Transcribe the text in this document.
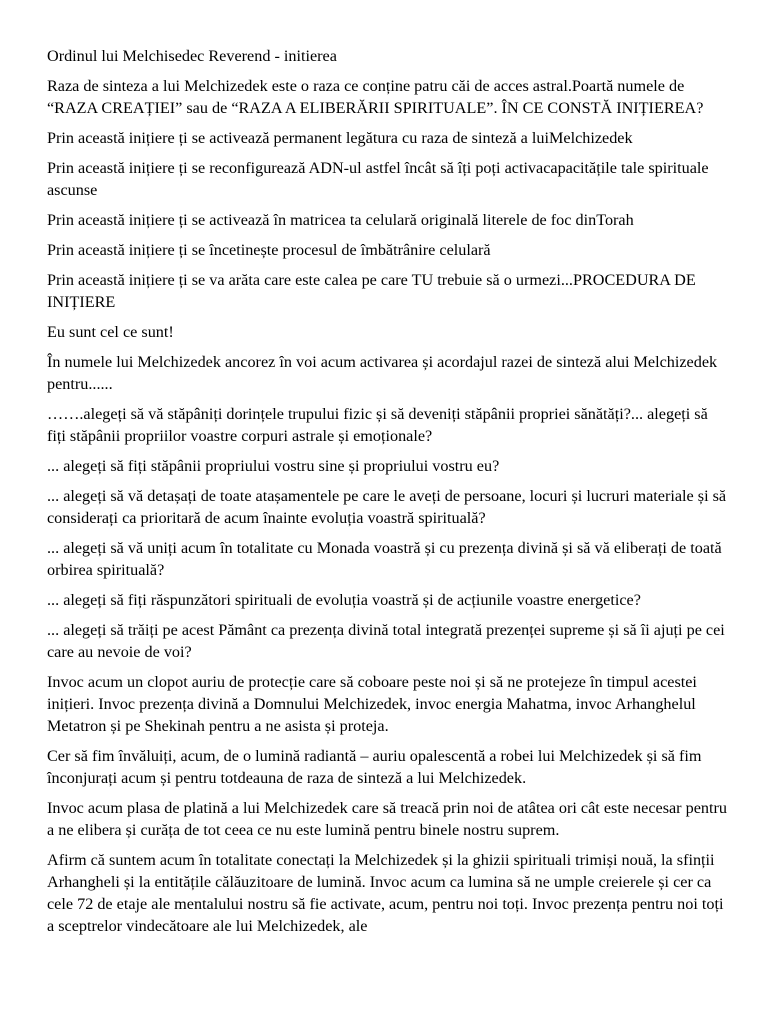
Ordinul lui Melchisedec Reverend - initierea

Raza de sinteza a lui Melchizedek este o raza ce conține patru căi de acces astral.Poartă numele de “RAZA CREAȚIEI” sau de “RAZA A ELIBERĂRII SPIRITUALE”. ÎN CE CONSTĂ INIȚIEREA?

Prin această inițiere ți se activează permanent legătura cu raza de sinteză a luiMelchizedek

Prin această inițiere ți se reconfigurează ADN-ul astfel încât să îți poți activacapacitățile tale spirituale ascunse

Prin această inițiere ți se activează în matricea ta celulară originală literele de foc dinTorah

Prin această inițiere ți se încetinește procesul de îmbătrânire celulară

Prin această inițiere ți se va arăta care este calea pe care TU trebuie să o urmezi...PROCEDURA DE INIȚIERE

Eu sunt cel ce sunt!

În numele lui Melchizedek ancorez în voi acum activarea și acordajul razei de sinteză alui Melchizedek pentru......

…….alegeți să vă stăpâniți dorințele trupului fizic și să deveniți stăpânii propriei sănătăți?... alegeți să fiți stăpânii propriilor voastre corpuri astrale și emoționale?

... alegeți să fiți stăpânii propriului vostru sine și propriului vostru eu?

... alegeți să vă detașați de toate atașamentele pe care le aveți de persoane, locuri și lucruri materiale și să considerați ca prioritară de acum înainte evoluția voastră spirituală?

... alegeți să vă uniți acum în totalitate cu Monada voastră și cu prezența divină și să vă eliberați de toată orbirea spirituală?

... alegeți să fiți răspunzători spirituali de evoluția voastră și de acțiunile voastre energetice?

... alegeți să trăiți pe acest Pământ ca prezența divină total integrată prezenței supreme și să îi ajuți pe cei care au nevoie de voi?

Invoc acum un clopot auriu de protecție care să coboare peste noi și să ne protejeze în timpul acestei inițieri. Invoc prezența divină a Domnului Melchizedek, invoc energia Mahatma, invoc Arhanghelul Metatron și pe Shekinah pentru a ne asista și proteja.

Cer să fim învăluiți, acum, de o lumină radiantă – auriu opalescentă a robei lui Melchizedek și să fim înconjurați acum și pentru totdeauna de raza de sinteză a lui Melchizedek.

Invoc acum plasa de platină a lui Melchizedek care să treacă prin noi de atâtea ori cât este necesar pentru a ne elibera și curăța de tot ceea ce nu este lumină pentru binele nostru suprem.

Afirm că suntem acum în totalitate conectați la Melchizedek și la ghizii spirituali trimiși nouă, la sfinții Arhangheli și la entitățile călăuzitoare de lumină. Invoc acum ca lumina să ne umple creierele și cer ca cele 72 de etaje ale mentalului nostru să fie activate, acum, pentru noi toți. Invoc prezența pentru noi toți a sceptrelor vindecătoare ale lui Melchizedek, ale
